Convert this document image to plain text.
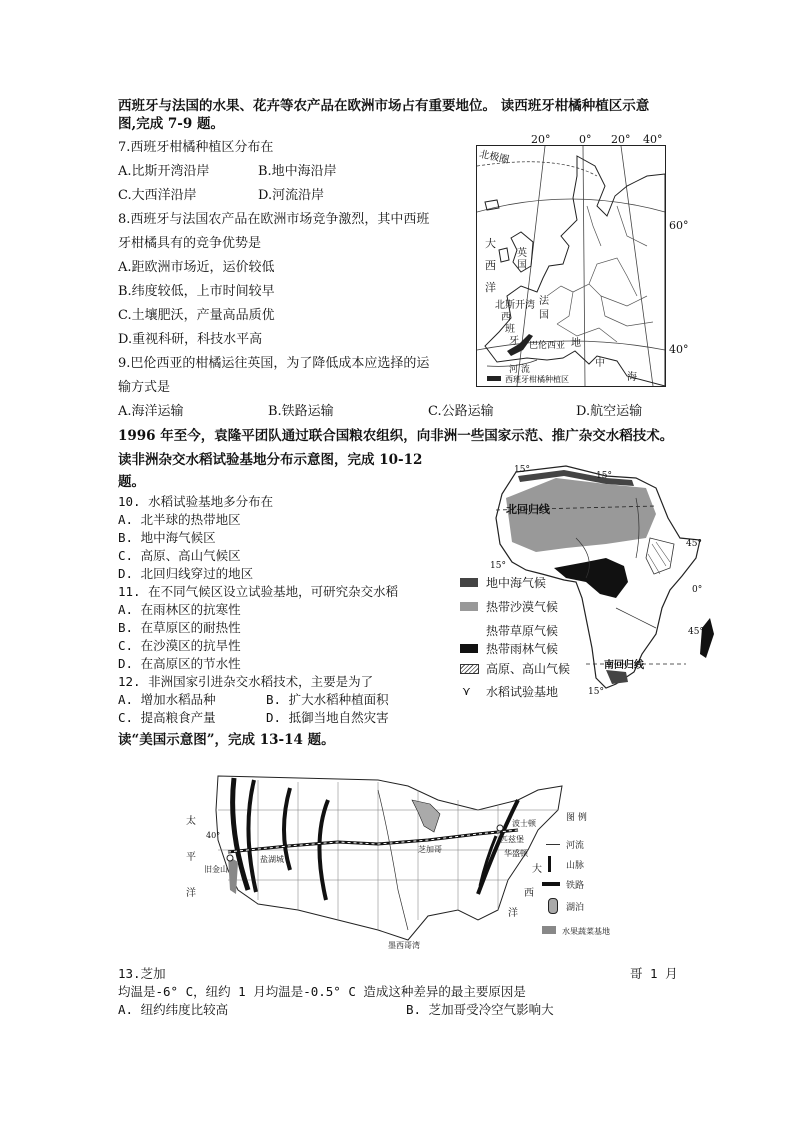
西班牙与法国的水果、花卉等农产品在欧洲市场占有重要地位。 读西班牙柑橘种植区示意
图,完成 7-9 题。
7.西班牙柑橘种植区分布在
A.比斯开湾沿岸	B.地中海沿岸
C.大西洋沿岸	D.河流沿岸
8.西班牙与法国农产品在欧洲市场竞争激烈，其中西班
牙柑橘具有的竞争优势是
A.距欧洲市场近，运价较低
B.纬度较低，上市时间较早
C.土壤肥沃，产量高品质优
D.重视科研，科技水平高
9.巴伦西亚的柑橘运往英国，为了降低成本应选择的运
输方式是
A.海洋运输	B.铁路运输	C.公路运输	D.航空运输
20°	0° 20° 40°
60°
40°
北极圈
大
西
洋
英
国
北斯开湾 法
国
西
班
牙 巴伦西亚 地
中
海
河 流
西班牙柑橘种植区
1996 年至今，袁隆平团队通过联合国粮农组织，向非洲一些国家示范、推广杂交水稻技术。
读非洲杂交水稻试验基地分布示意图，完成 10-12
题。
10. 水稻试验基地多分布在
A. 北半球的热带地区
B. 地中海气候区
C. 高原、高山气候区
D. 北回归线穿过的地区
11. 在不同气候区设立试验基地，可研究杂交水稻
A. 在雨林区的抗寒性
B. 在草原区的耐热性
C. 在沙漠区的抗旱性
D. 在高原区的节水性
12. 非洲国家引进杂交水稻技术，主要是为了
A. 增加水稻品种	B. 扩大水稻种植面积
C. 提高粮食产量	D. 抵御当地自然灾害
15°
15°
15°
45°
0°
45°
15°
北回归线
南回归线
地中海气候
热带沙漠气候
热带草原气候
热带雨林气候
高原、高山气候
⋎ 水稻试验基地
读“美国示意图”，完成 13-14 题。
太
平
洋
40°
旧金山
盐湖城
芝加哥
匹兹堡
华盛顿
波士顿
大
西
洋
墨西哥湾
图 例
河流
山脉
铁路
湖泊
水果蔬菜基地
13.芝加	哥 1 月
均温是-6° C，纽约 1 月均温是-0.5° C 造成这种差异的最主要原因是
A. 纽约纬度比较高	B. 芝加哥受冷空气影响大
